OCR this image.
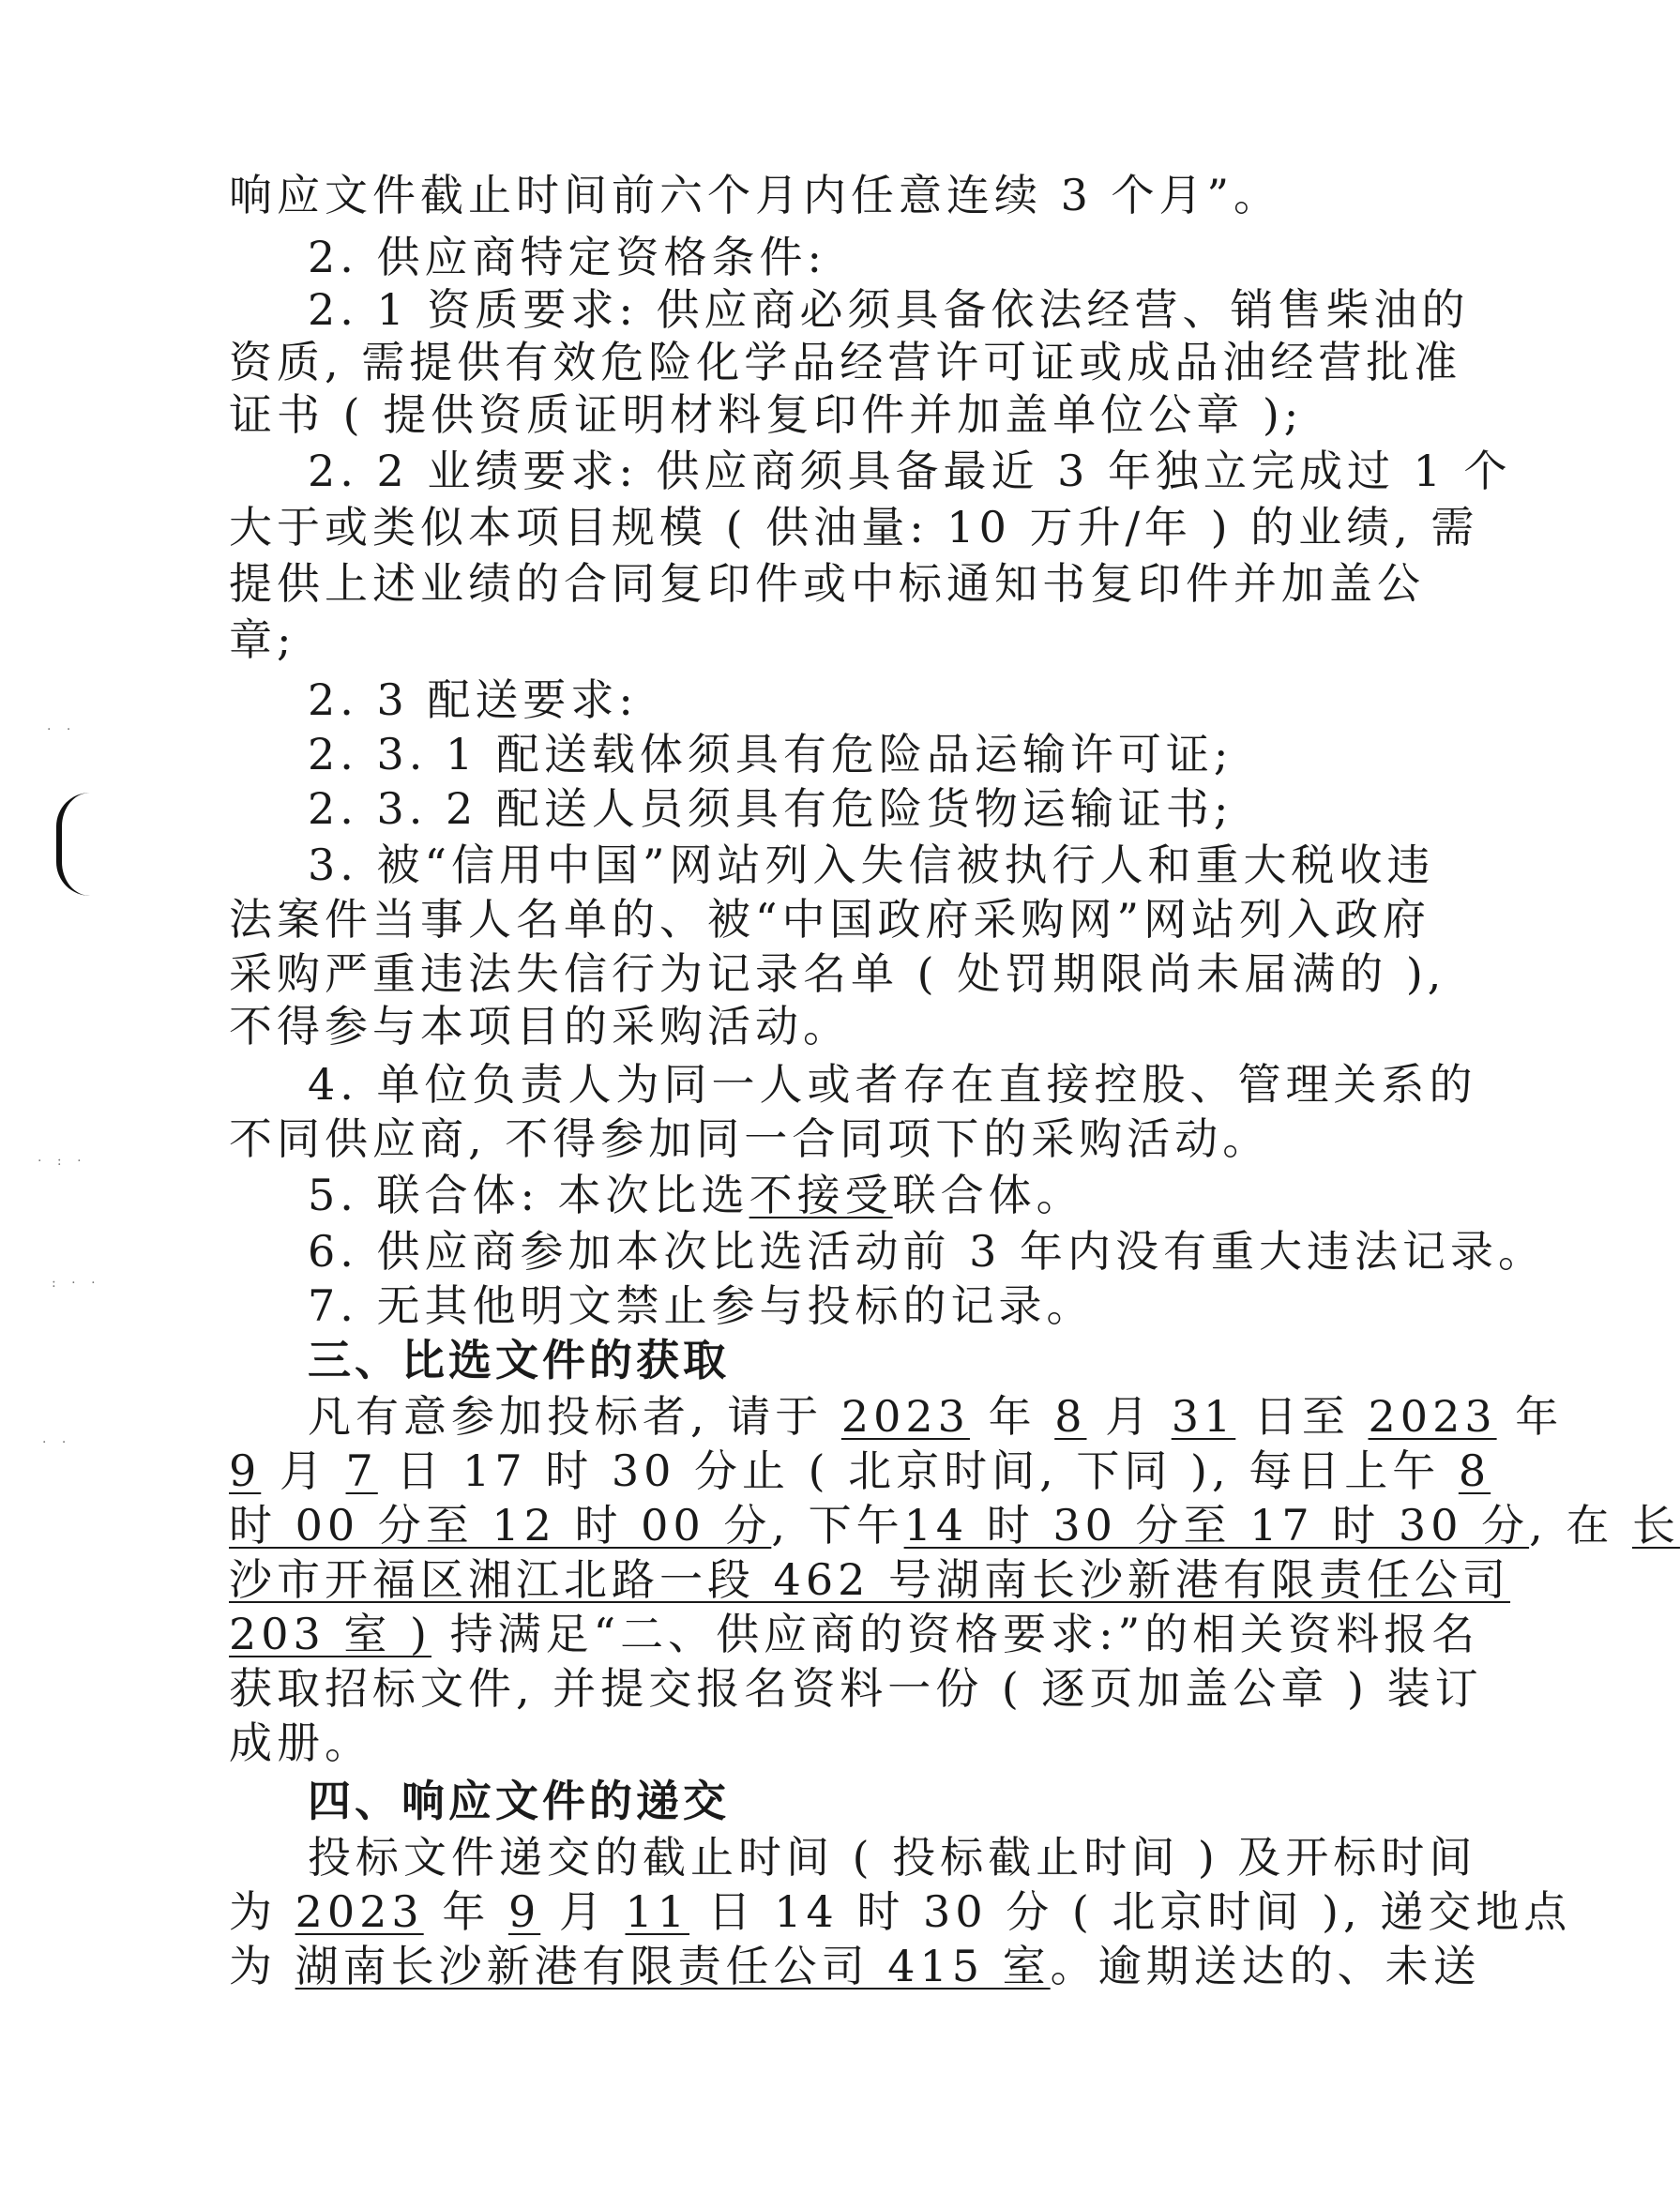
· ·
· : ·
: · ·
· ·
响应文件截止时间前六个月内任意连续 3 个月”。
2. 供应商特定资格条件:
2. 1 资质要求: 供应商必须具备依法经营、销售柴油的
资质, 需提供有效危险化学品经营许可证或成品油经营批准
证书 ( 提供资质证明材料复印件并加盖单位公章 );
2. 2 业绩要求: 供应商须具备最近 3 年独立完成过 1 个
大于或类似本项目规模 ( 供油量: 10 万升/年 ) 的业绩, 需
提供上述业绩的合同复印件或中标通知书复印件并加盖公
章;
2. 3 配送要求:
2. 3. 1 配送载体须具有危险品运输许可证;
2. 3. 2 配送人员须具有危险货物运输证书;
3. 被“信用中国”网站列入失信被执行人和重大税收违
法案件当事人名单的、被“中国政府采购网”网站列入政府
采购严重违法失信行为记录名单 ( 处罚期限尚未届满的 ),
不得参与本项目的采购活动。
4. 单位负责人为同一人或者存在直接控股、管理关系的
不同供应商, 不得参加同一合同项下的采购活动。
5. 联合体: 本次比选不接受联合体。
6. 供应商参加本次比选活动前 3 年内没有重大违法记录。
7. 无其他明文禁止参与投标的记录。
三、比选文件的获取
凡有意参加投标者, 请于 2023 年 8 月 31 日至 2023 年
9 月 7 日 17 时 30 分止 ( 北京时间, 下同 ), 每日上午 8
时 00 分至 12 时 00 分, 下午14 时 30 分至 17 时 30 分, 在 长
沙市开福区湘江北路一段 462 号湖南长沙新港有限责任公司
203 室 ) 持满足“二、供应商的资格要求:”的相关资料报名
获取招标文件, 并提交报名资料一份 ( 逐页加盖公章 ) 装订
成册。
四、响应文件的递交
投标文件递交的截止时间 ( 投标截止时间 ) 及开标时间
为 2023 年 9 月 11 日 14 时 30 分 ( 北京时间 ), 递交地点
为 湖南长沙新港有限责任公司 415 室。逾期送达的、未送
